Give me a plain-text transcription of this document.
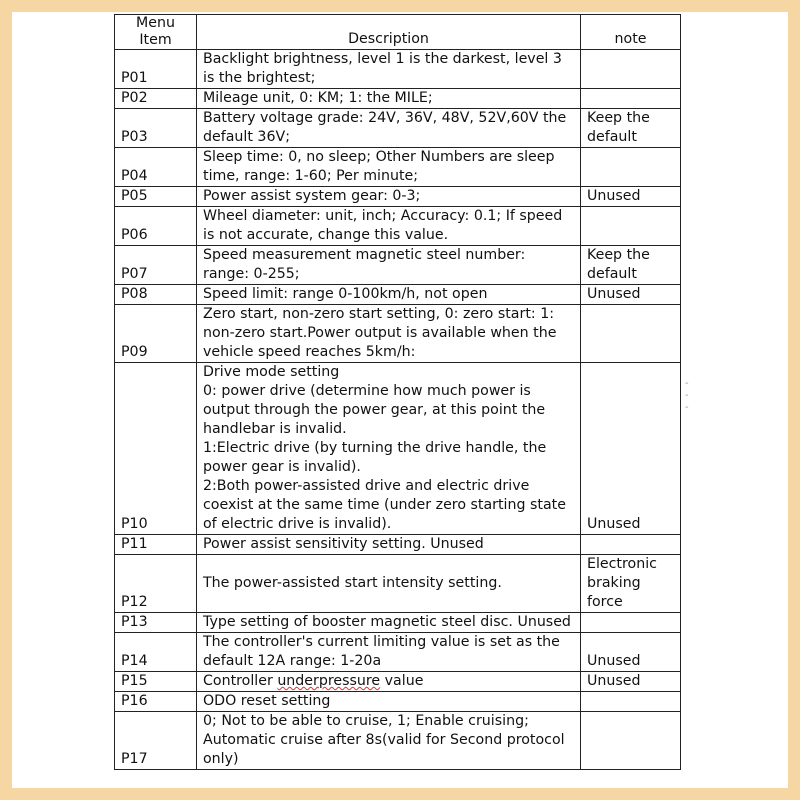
Menu
Item	Description	note
P01	Backlight brightness, level 1 is the darkest, level 3 is the brightest;	
P02	Mileage unit, 0: KM; 1: the MILE;	
P03	Battery voltage grade: 24V, 36V, 48V, 52V,60V the default 36V;	Keep the default
P04	Sleep time: 0, no sleep; Other Numbers are sleep time, range: 1-60; Per minute;	
P05	Power assist system gear: 0-3;	Unused
P06	Wheel diameter: unit, inch; Accuracy: 0.1; If speed is not accurate, change this value.	
P07	Speed measurement magnetic steel number: range: 0-255;	Keep the default
P08	Speed limit: range 0-100km/h, not open	Unused
P09	Zero start, non-zero start setting, 0: zero start: 1: non-zero start.Power output is available when the vehicle speed reaches 5km/h:	
P10	Drive mode setting
0: power drive (determine how much power is output through the power gear, at this point the handlebar is invalid.
1:Electric drive (by turning the drive handle, the power gear is invalid).
2:Both power-assisted drive and electric drive coexist at the same time (under zero starting state of electric drive is invalid).	Unused
P11	Power assist sensitivity setting. Unused	
P12	The power-assisted start intensity setting.	Electronic braking force
P13	Type setting of booster magnetic steel disc. Unused	
P14	The controller's current limiting value is set as the default 12A range: 1-20a	Unused
P15	Controller underpressure value	Unused
P16	ODO reset setting	
P17	0; Not to be able to cruise, 1; Enable cruising; Automatic cruise after 8s(valid for Second protocol only)	
-
-
-
